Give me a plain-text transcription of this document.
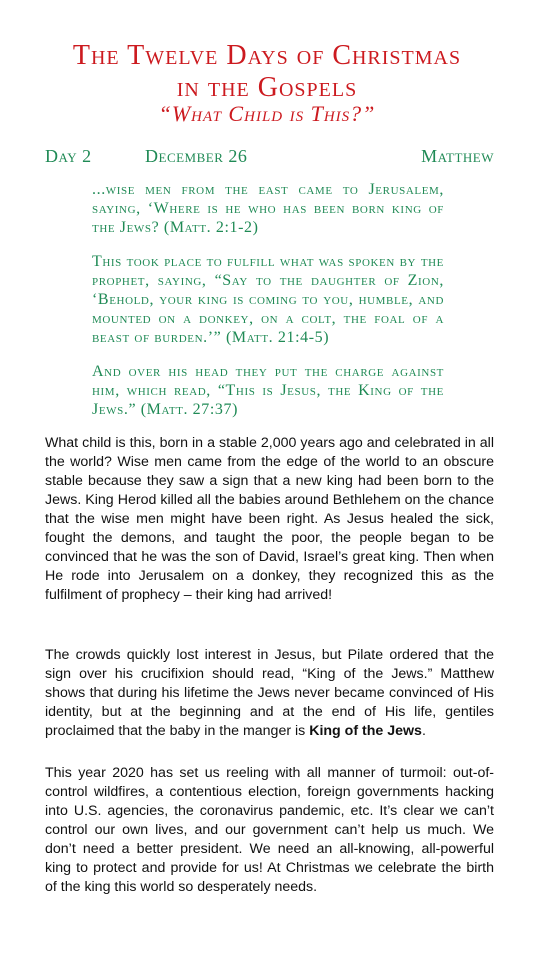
The Twelve Days of Christmas
in the Gospels
“What Child is This?”
Day 2	December 26	Matthew

...wise men from the east came to Jerusalem, saying, ‘Where is he who has been born king of the Jews? (Matt. 2:1-2)

This took place to fulfill what was spoken by the prophet, saying, “Say to the daughter of Zion, ‘Behold, your king is coming to you, humble, and mounted on a donkey, on a colt, the foal of a beast of burden.’” (Matt. 21:4-5)

And over his head they put the charge against him, which read, “This is Jesus, the King of the Jews.” (Matt. 27:37)

What child is this, born in a stable 2,000 years ago and celebrated in all the world? Wise men came from the edge of the world to an obscure stable because they saw a sign that a new king had been born to the Jews. King Herod killed all the babies around Bethlehem on the chance that the wise men might have been right. As Jesus healed the sick, fought the demons, and taught the poor, the people began to be convinced that he was the son of David, Israel’s great king. Then when He rode into Jerusalem on a donkey, they recognized this as the fulfilment of prophecy – their king had arrived!

The crowds quickly lost interest in Jesus, but Pilate ordered that the sign over his crucifixion should read, “King of the Jews.” Matthew shows that during his lifetime the Jews never became convinced of His identity, but at the beginning and at the end of His life, gentiles proclaimed that the baby in the manger is King of the Jews.

This year 2020 has set us reeling with all manner of turmoil: out-of-control wildfires, a contentious election, foreign governments hacking into U.S. agencies, the coronavirus pandemic, etc. It’s clear we can’t control our own lives, and our government can’t help us much. We don’t need a better president. We need an all-knowing, all-powerful king to protect and provide for us! At Christmas we celebrate the birth of the king this world so desperately needs.
